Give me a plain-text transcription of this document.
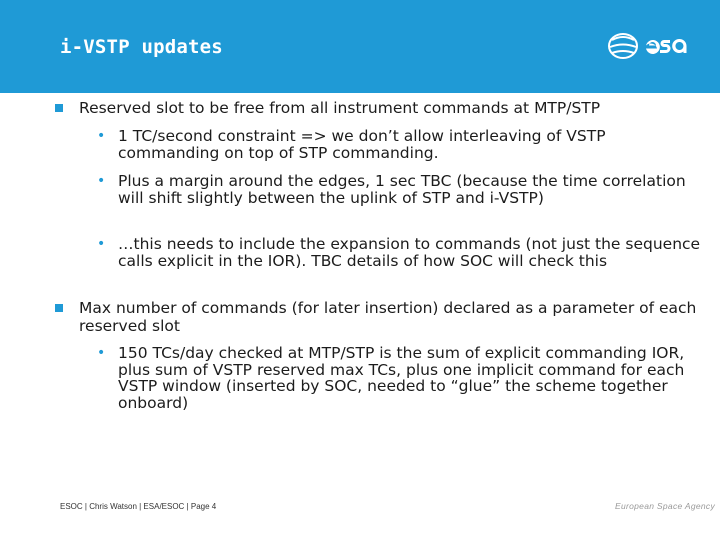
i-VSTP updates
Reserved slot to be free from all instrument commands at MTP/STP
• 1 TC/second constraint => we don’t allow interleaving of VSTP commanding on top of STP commanding.
• Plus a margin around the edges, 1 sec TBC (because the time correlation will shift slightly between the uplink of STP and i-VSTP)
• …this needs to include the expansion to commands (not just the sequence calls explicit in the IOR). TBC details of how SOC will check this
Max number of commands (for later insertion) declared as a parameter of each reserved slot
• 150 TCs/day checked at MTP/STP is the sum of explicit commanding IOR, plus sum of VSTP reserved max TCs, plus one implicit command for each VSTP window (inserted by SOC, needed to “glue” the scheme together onboard)
ESOC | Chris Watson | ESA/ESOC | Page 4	European Space Agency
